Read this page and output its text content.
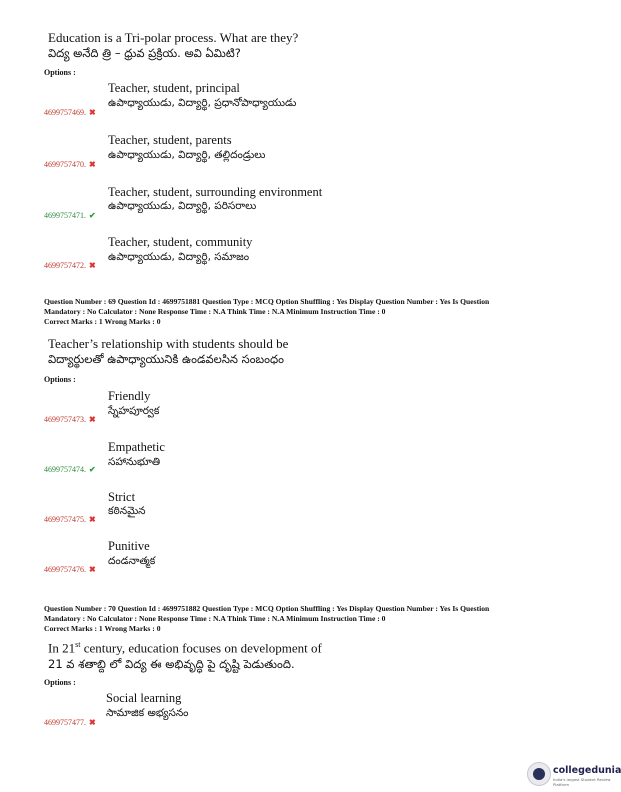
Education is a Tri-polar process. What are they?
విద్య అనేది త్రి – ధ్రువ ప్రక్రియ. అవి ఏమిటి?
Options :
Teacher, student, principal
ఉపాధ్యాయుడు, విద్యార్థి, ప్రధానోపాధ్యాయుడు
4699757469. ✖
Teacher, student, parents
ఉపాధ్యాయుడు, విద్యార్థి, తల్లిదండ్రులు
4699757470. ✖
Teacher, student, surrounding environment
ఉపాధ్యాయుడు, విద్యార్థి, పరిసరాలు
4699757471. ✔
Teacher, student, community
ఉపాధ్యాయుడు, విద్యార్థి, సమాజం
4699757472. ✖
Question Number : 69 Question Id : 4699751881 Question Type : MCQ Option Shuffling : Yes Display Question Number : Yes Is Question
Mandatory : No Calculator : None Response Time : N.A Think Time : N.A Minimum Instruction Time : 0
Correct Marks : 1 Wrong Marks : 0
Teacher’s relationship with students should be
విద్యార్థులతో ఉపాధ్యాయునికి ఉండవలసిన సంబంధం
Options :
Friendly
స్నేహపూర్వక
4699757473. ✖
Empathetic
సహానుభూతి
4699757474. ✔
Strict
కఠినమైన
4699757475. ✖
Punitive
దండనాత్మక
4699757476. ✖
Question Number : 70 Question Id : 4699751882 Question Type : MCQ Option Shuffling : Yes Display Question Number : Yes Is Question
Mandatory : No Calculator : None Response Time : N.A Think Time : N.A Minimum Instruction Time : 0
Correct Marks : 1 Wrong Marks : 0
In 21st century, education focuses on development of
21 వ శతాబ్ది లో విద్య ఈ అభివృద్ధి పై దృష్టి పెడుతుంది.
Options :
Social learning
సామాజిక అభ్యసనం
4699757477. ✖
collegedunia
India's largest Student Review Platform
